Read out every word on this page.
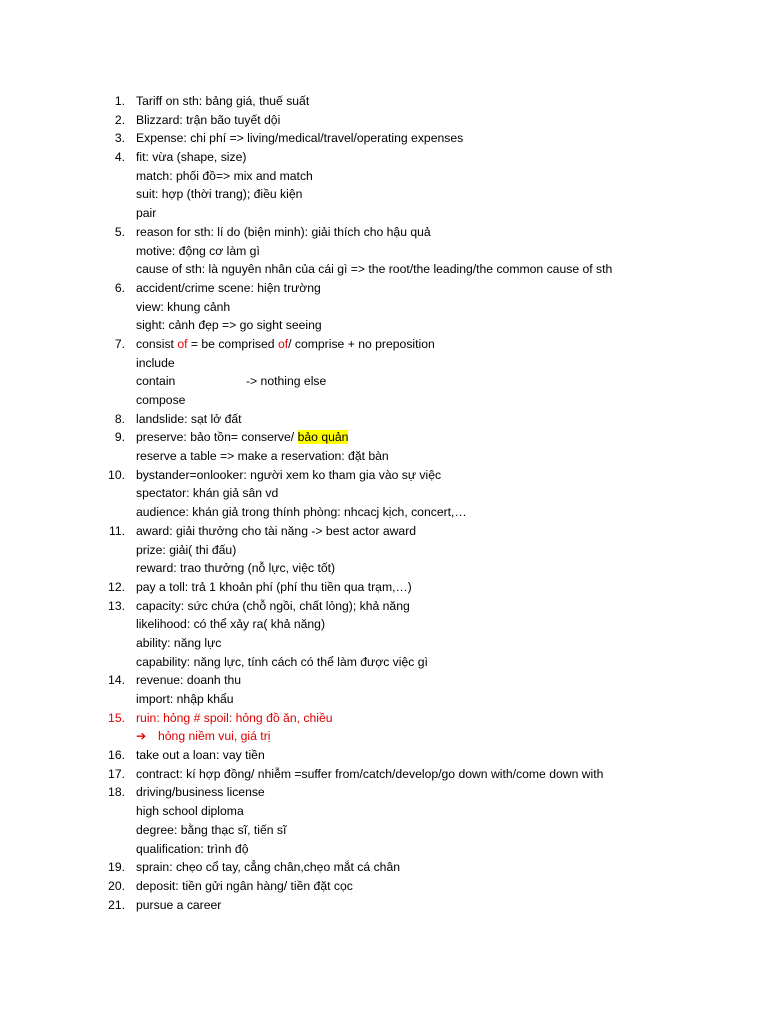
1. Tariff on sth: bảng giá, thuế suất
2. Blizzard: trận bão tuyết dội
3. Expense: chi phí => living/medical/travel/operating expenses
4. fit: vừa (shape, size)
match: phối đồ=> mix and match
suit: hợp (thời trang); điều kiện
pair
5. reason for sth: lí do (biện minh): giải thích cho hậu quả
motive: động cơ làm gì
cause of sth: là nguyên nhân của cái gì => the root/the leading/the common cause of sth
6. accident/crime scene: hiện trường
view: khung cảnh
sight: cảnh đẹp => go sight seeing
7. consist of = be comprised of/ comprise + no preposition
include
contain	-> nothing else
compose
8. landslide: sạt lở đất
9. preserve: bảo tồn= conserve/ bảo quản
reserve a table => make a reservation: đặt bàn
10. bystander=onlooker: người xem ko tham gia vào sự việc
spectator: khán giả sân vd
audience: khán giả trong thính phòng: nhcacj kịch, concert,…
11. award: giải thưởng cho tài năng -> best actor award
prize: giải( thi đấu)
reward: trao thưởng (nỗ lực, việc tốt)
12. pay a toll: trả 1 khoản phí (phí thu tiền qua trạm,…)
13. capacity: sức chứa (chỗ ngồi, chất lỏng); khả năng
likelihood: có thể xảy ra( khả năng)
ability: năng lực
capability: năng lực, tính cách có thể làm được việc gì
14. revenue: doanh thu
import: nhập khẩu
15. ruin: hỏng # spoil: hỏng đồ ăn, chiều
➔ hỏng niềm vui, giá trị
16. take out a loan: vay tiền
17. contract: kí hợp đồng/ nhiễm =suffer from/catch/develop/go down with/come down with
18. driving/business license
high school diploma
degree: bằng thạc sĩ, tiến sĩ
qualification: trình độ
19. sprain: chẹo cổ tay, cẳng chân,chẹo mắt cá chân
20. deposit: tiền gửi ngân hàng/ tiền đặt cọc
21. pursue a career
